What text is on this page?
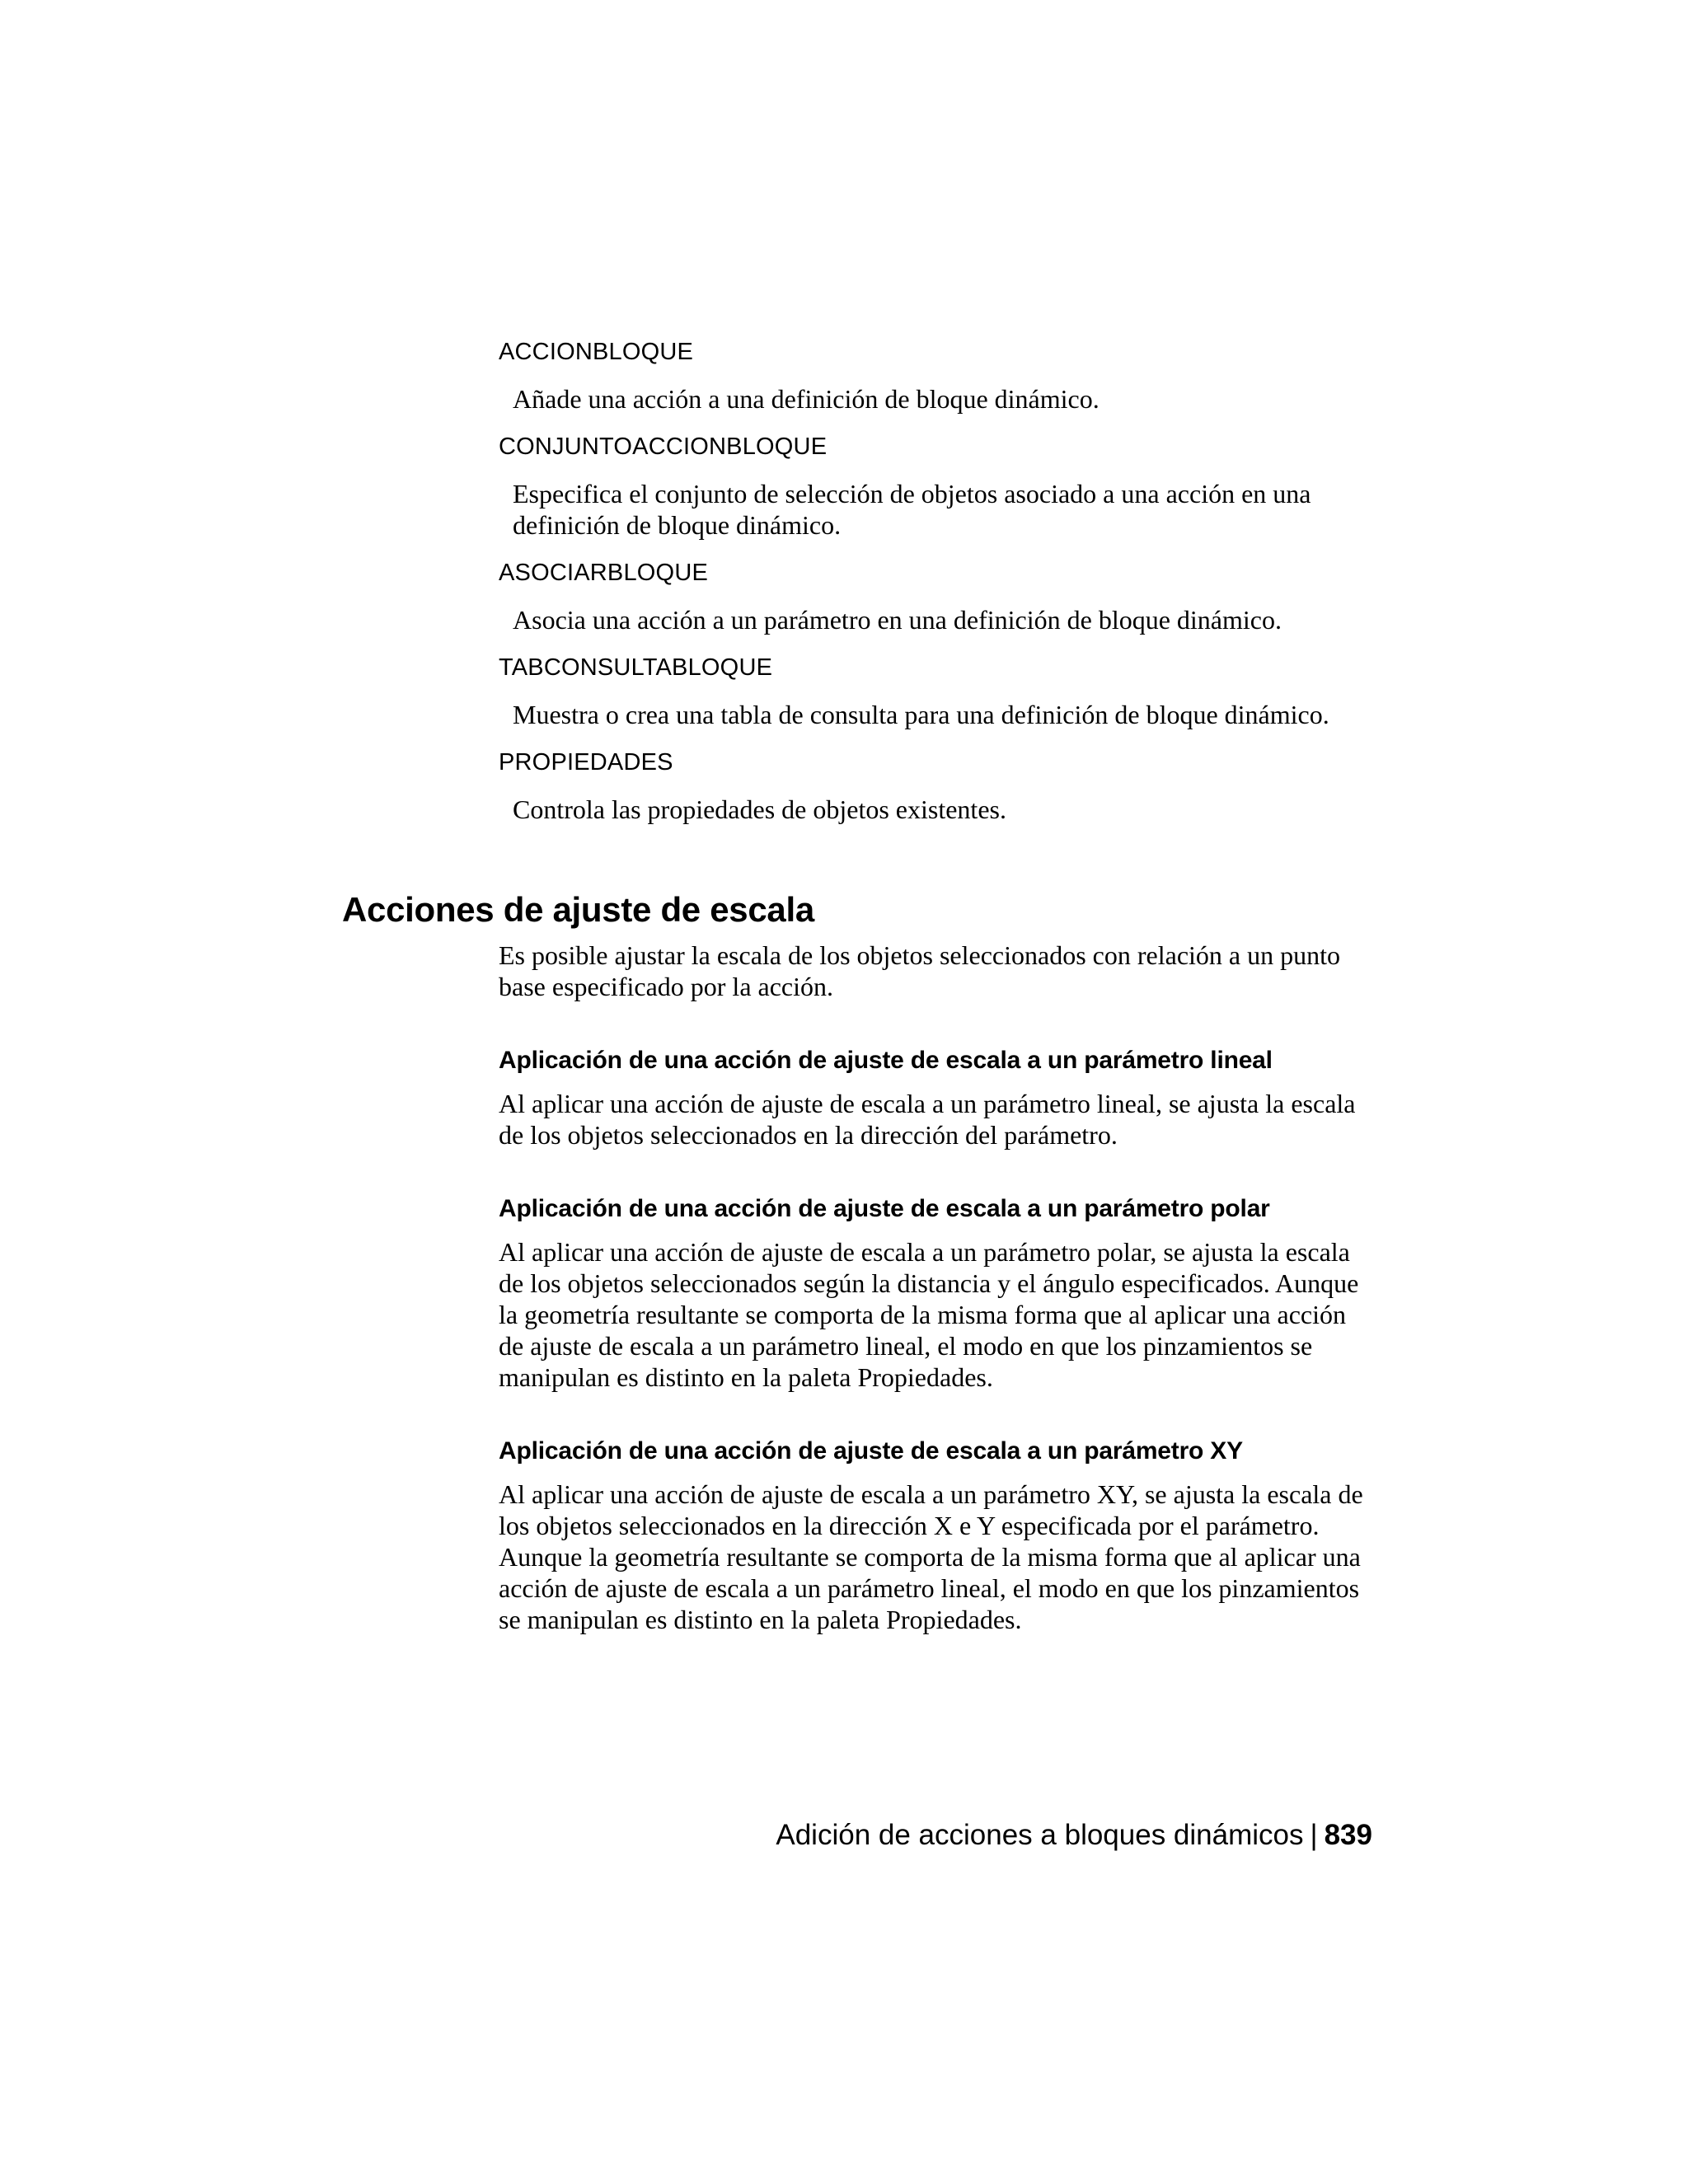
ACCIONBLOQUE

Añade una acción a una definición de bloque dinámico.

CONJUNTOACCIONBLOQUE

Especifica el conjunto de selección de objetos asociado a una acción en una definición de bloque dinámico.

ASOCIARBLOQUE

Asocia una acción a un parámetro en una definición de bloque dinámico.

TABCONSULTABLOQUE

Muestra o crea una tabla de consulta para una definición de bloque dinámico.

PROPIEDADES

Controla las propiedades de objetos existentes.

Acciones de ajuste de escala

Es posible ajustar la escala de los objetos seleccionados con relación a un punto base especificado por la acción.

Aplicación de una acción de ajuste de escala a un parámetro lineal

Al aplicar una acción de ajuste de escala a un parámetro lineal, se ajusta la escala de los objetos seleccionados en la dirección del parámetro.

Aplicación de una acción de ajuste de escala a un parámetro polar

Al aplicar una acción de ajuste de escala a un parámetro polar, se ajusta la escala de los objetos seleccionados según la distancia y el ángulo especificados. Aunque la geometría resultante se comporta de la misma forma que al aplicar una acción de ajuste de escala a un parámetro lineal, el modo en que los pinzamientos se manipulan es distinto en la paleta Propiedades.

Aplicación de una acción de ajuste de escala a un parámetro XY

Al aplicar una acción de ajuste de escala a un parámetro XY, se ajusta la escala de los objetos seleccionados en la dirección X e Y especificada por el parámetro. Aunque la geometría resultante se comporta de la misma forma que al aplicar una acción de ajuste de escala a un parámetro lineal, el modo en que los pinzamientos se manipulan es distinto en la paleta Propiedades.

Adición de acciones a bloques dinámicos | 839
